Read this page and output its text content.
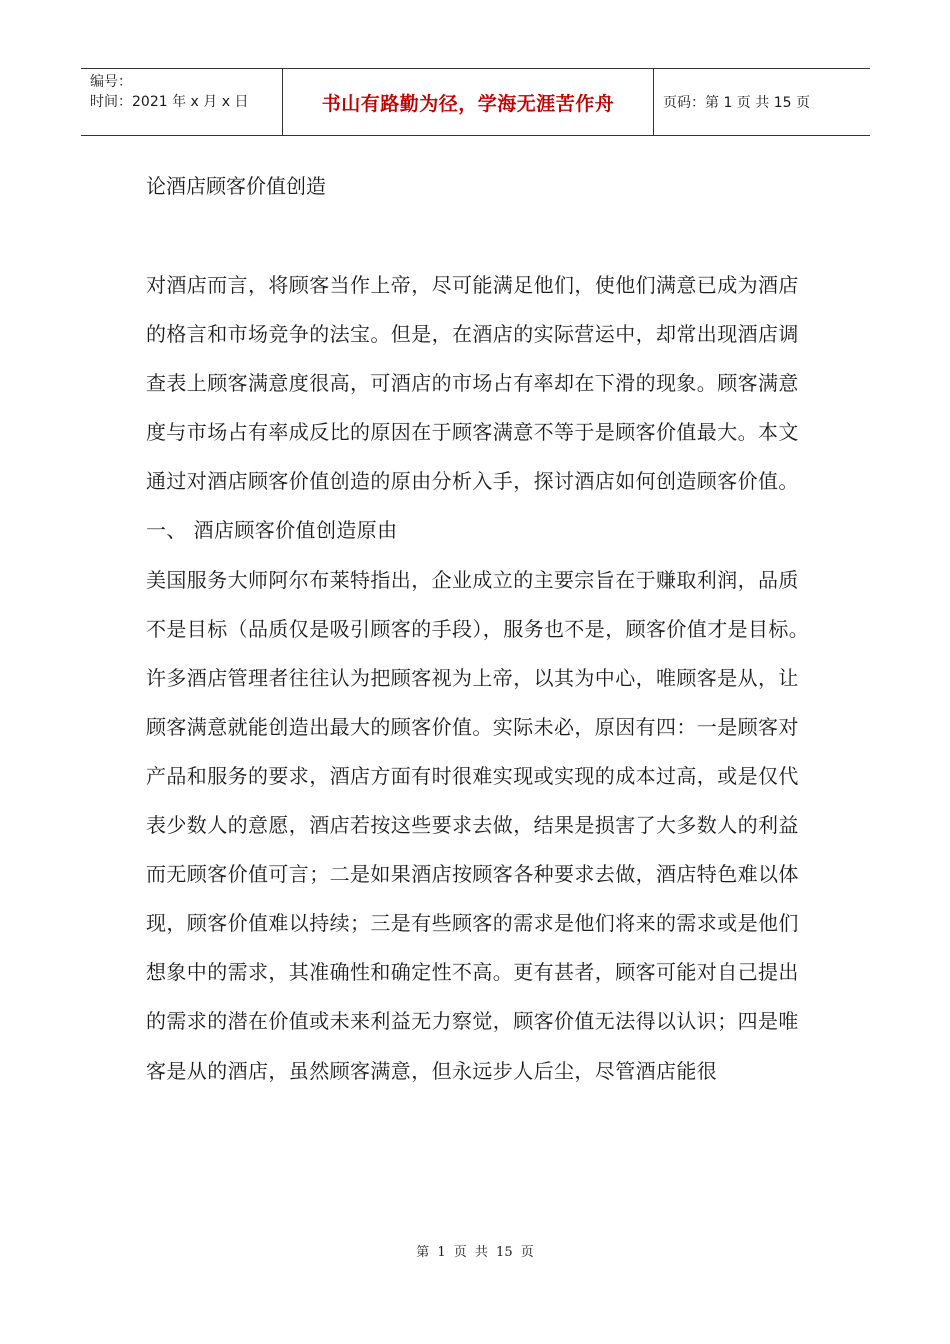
编号：
时间：2021 年 x 月 x 日	书山有路勤为径，学海无涯苦作舟	页码：第 1 页 共 15 页
论酒店顾客价值创造

对酒店而言，将顾客当作上帝，尽可能满足他们，使他们满意已成为酒店的格言和市场竞争的法宝。但是，在酒店的实际营运中，却常出现酒店调查表上顾客满意度很高，可酒店的市场占有率却在下滑的现象。顾客满意度与市场占有率成反比的原因在于顾客满意不等于是顾客价值最大。本文通过对酒店顾客价值创造的原由分析入手，探讨酒店如何创造顾客价值。

一、 酒店顾客价值创造原由

美国服务大师阿尔布莱特指出，企业成立的主要宗旨在于赚取利润，品质不是目标（品质仅是吸引顾客的手段），服务也不是，顾客价值才是目标。许多酒店管理者往往认为把顾客视为上帝，以其为中心，唯顾客是从，让顾客满意就能创造出最大的顾客价值。实际未必，原因有四：一是顾客对产品和服务的要求，酒店方面有时很难实现或实现的成本过高，或是仅代表少数人的意愿，酒店若按这些要求去做，结果是损害了大多数人的利益而无顾客价值可言；二是如果酒店按顾客各种要求去做，酒店特色难以体现，顾客价值难以持续；三是有些顾客的需求是他们将来的需求或是他们想象中的需求，其准确性和确定性不高。更有甚者，顾客可能对自己提出的需求的潜在价值或未来利益无力察觉，顾客价值无法得以认识；四是唯客是从的酒店，虽然顾客满意，但永远步人后尘，尽管酒店能很

第 1 页 共 15 页
